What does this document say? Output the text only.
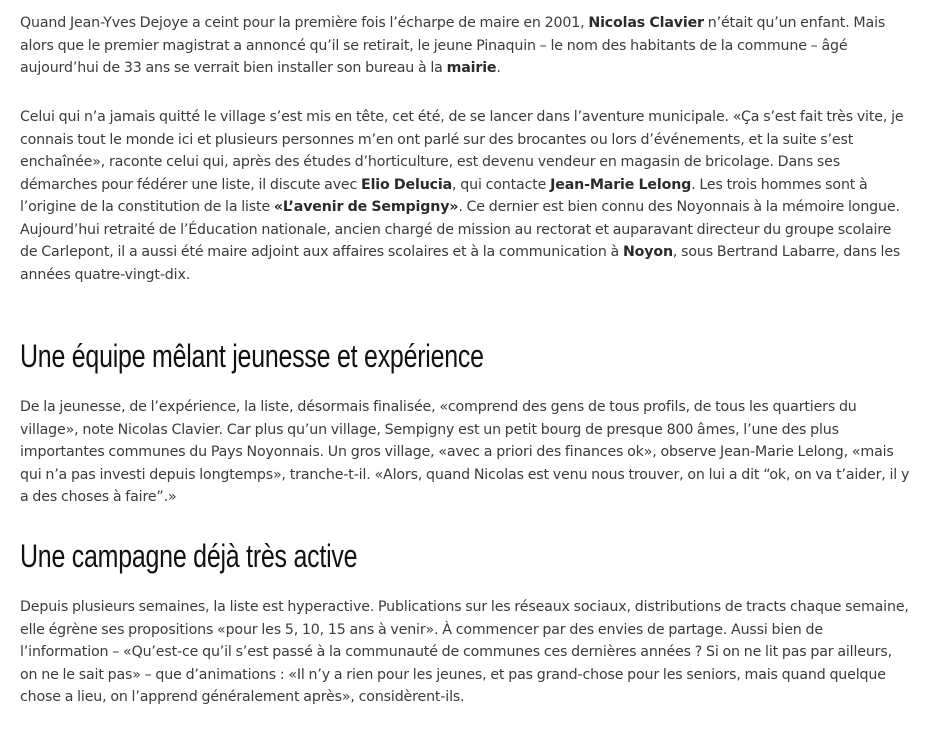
Quand Jean-Yves Dejoye a ceint pour la première fois l’écharpe de maire en 2001, Nicolas Clavier n’était qu’un enfant. Mais alors que le premier magistrat a annoncé qu’il se retirait, le jeune Pinaquin – le nom des habitants de la commune – âgé aujourd’hui de 33 ans se verrait bien installer son bureau à la mairie.

Celui qui n’a jamais quitté le village s’est mis en tête, cet été, de se lancer dans l’aventure municipale. «Ça s’est fait très vite, je connais tout le monde ici et plusieurs personnes m’en ont parlé sur des brocantes ou lors d’événements, et la suite s’est enchaînée», raconte celui qui, après des études d’horticulture, est devenu vendeur en magasin de bricolage. Dans ses démarches pour fédérer une liste, il discute avec Elio Delucia, qui contacte Jean-Marie Lelong. Les trois hommes sont à l’origine de la constitution de la liste «L’avenir de Sempigny». Ce dernier est bien connu des Noyonnais à la mémoire longue. Aujourd’hui retraité de l’Éducation nationale, ancien chargé de mission au rectorat et auparavant directeur du groupe scolaire de Carlepont, il a aussi été maire adjoint aux affaires scolaires et à la communication à Noyon, sous Bertrand Labarre, dans les années quatre-vingt-dix.

Une équipe mêlant jeunesse et expérience

De la jeunesse, de l’expérience, la liste, désormais finalisée, «comprend des gens de tous profils, de tous les quartiers du village», note Nicolas Clavier. Car plus qu’un village, Sempigny est un petit bourg de presque 800 âmes, l’une des plus importantes communes du Pays Noyonnais. Un gros village, «avec a priori des finances ok», observe Jean-Marie Lelong, «mais qui n’a pas investi depuis longtemps», tranche-t-il. «Alors, quand Nicolas est venu nous trouver, on lui a dit “ok, on va t’aider, il y a des choses à faire”.»

Une campagne déjà très active

Depuis plusieurs semaines, la liste est hyperactive. Publications sur les réseaux sociaux, distributions de tracts chaque semaine, elle égrène ses propositions «pour les 5, 10, 15 ans à venir». À commencer par des envies de partage. Aussi bien de l’information – «Qu’est-ce qu’il s’est passé à la communauté de communes ces dernières années ? Si on ne lit pas par ailleurs, on ne le sait pas» – que d’animations : «Il n’y a rien pour les jeunes, et pas grand-chose pour les seniors, mais quand quelque chose a lieu, on l’apprend généralement après», considèrent-ils.
